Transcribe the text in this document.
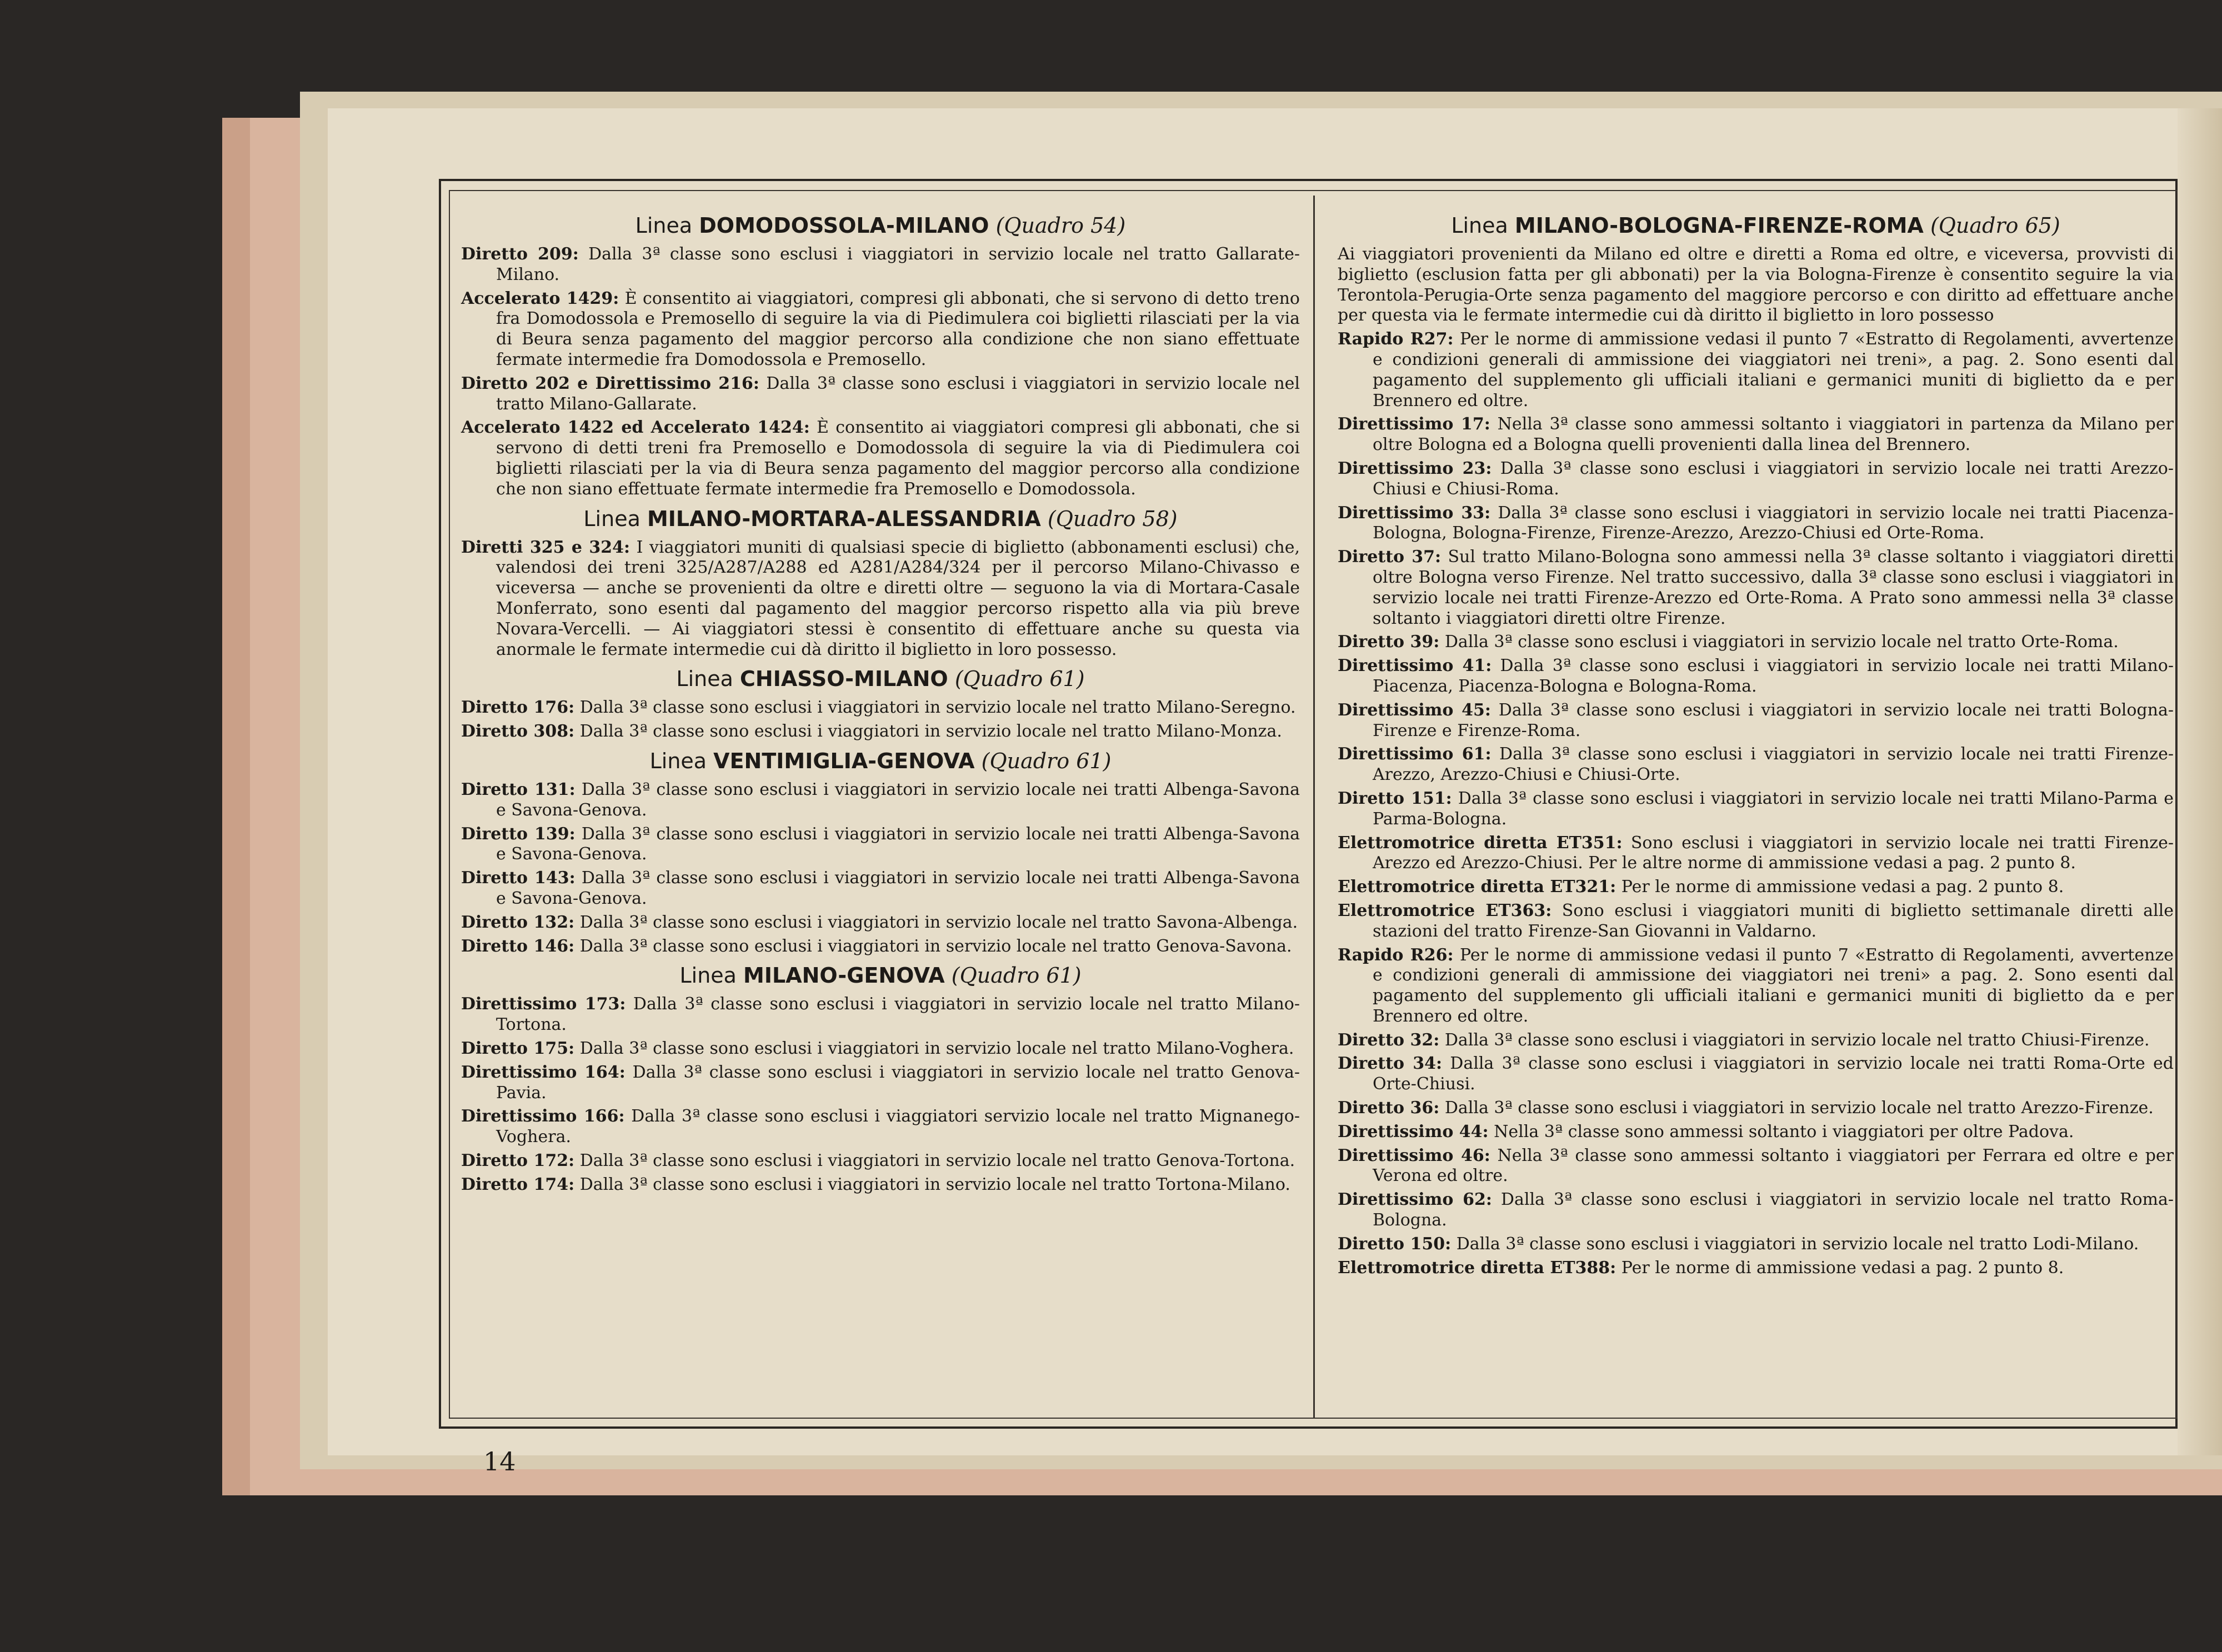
Linea DOMODOSSOLA-MILANO (Quadro 54)

Diretto 209: Dalla 3ª classe sono esclusi i viaggiatori in servizio locale nel tratto Gallarate-Milano.

Accelerato 1429: È consentito ai viaggiatori, compresi gli abbonati, che si servono di detto treno fra Domodossola e Premosello di seguire la via di Piedimulera coi biglietti rilasciati per la via di Beura senza pagamento del maggior percorso alla condizione che non siano effettuate fermate intermedie fra Domodossola e Premosello.

Diretto 202 e Direttissimo 216: Dalla 3ª classe sono esclusi i viaggiatori in servizio locale nel tratto Milano-Gallarate.

Accelerato 1422 ed Accelerato 1424: È consentito ai viaggiatori compresi gli abbonati, che si servono di detti treni fra Premosello e Domodossola di seguire la via di Piedimulera coi biglietti rilasciati per la via di Beura senza pagamento del maggior percorso alla condizione che non siano effettuate fermate intermedie fra Premosello e Domodossola.

Linea MILANO-MORTARA-ALESSANDRIA (Quadro 58)

Diretti 325 e 324: I viaggiatori muniti di qualsiasi specie di biglietto (abbonamenti esclusi) che, valendosi dei treni 325/A287/A288 ed A281/A284/324 per il percorso Milano-Chivasso e viceversa — anche se provenienti da oltre e diretti oltre — seguono la via di Mortara-Casale Monferrato, sono esenti dal pagamento del maggior percorso rispetto alla via più breve Novara-Vercelli. — Ai viaggiatori stessi è consentito di effettuare anche su questa via anormale le fermate intermedie cui dà diritto il biglietto in loro possesso.

Linea CHIASSO-MILANO (Quadro 61)

Diretto 176: Dalla 3ª classe sono esclusi i viaggiatori in servizio locale nel tratto Milano-Seregno.

Diretto 308: Dalla 3ª classe sono esclusi i viaggiatori in servizio locale nel tratto Milano-Monza.

Linea VENTIMIGLIA-GENOVA (Quadro 61)

Diretto 131: Dalla 3ª classe sono esclusi i viaggiatori in servizio locale nei tratti Albenga-Savona e Savona-Genova.

Diretto 139: Dalla 3ª classe sono esclusi i viaggiatori in servizio locale nei tratti Albenga-Savona e Savona-Genova.

Diretto 143: Dalla 3ª classe sono esclusi i viaggiatori in servizio locale nei tratti Albenga-Savona e Savona-Genova.

Diretto 132: Dalla 3ª classe sono esclusi i viaggiatori in servizio locale nel tratto Savona-Albenga.

Diretto 146: Dalla 3ª classe sono esclusi i viaggiatori in servizio locale nel tratto Genova-Savona.

Linea MILANO-GENOVA (Quadro 61)

Direttissimo 173: Dalla 3ª classe sono esclusi i viaggiatori in servizio locale nel tratto Milano-Tortona.

Diretto 175: Dalla 3ª classe sono esclusi i viaggiatori in servizio locale nel tratto Milano-Voghera.

Direttissimo 164: Dalla 3ª classe sono esclusi i viaggiatori in servizio locale nel tratto Genova-Pavia.

Direttissimo 166: Dalla 3ª classe sono esclusi i viaggiatori servizio locale nel tratto Mignanego-Voghera.

Diretto 172: Dalla 3ª classe sono esclusi i viaggiatori in servizio locale nel tratto Genova-Tortona.

Diretto 174: Dalla 3ª classe sono esclusi i viaggiatori in servizio locale nel tratto Tortona-Milano.

Linea MILANO-BOLOGNA-FIRENZE-ROMA (Quadro 65)

Ai viaggiatori provenienti da Milano ed oltre e diretti a Roma ed oltre, e viceversa, provvisti di biglietto (esclusion fatta per gli abbonati) per la via Bologna-Firenze è consentito seguire la via Terontola-Perugia-Orte senza pagamento del maggiore percorso e con diritto ad effettuare anche per questa via le fermate intermedie cui dà diritto il biglietto in loro possesso

Rapido R27: Per le norme di ammissione vedasi il punto 7 «Estratto di Regolamenti, avvertenze e condizioni generali di ammissione dei viaggiatori nei treni», a pag. 2. Sono esenti dal pagamento del supplemento gli ufficiali italiani e germanici muniti di biglietto da e per Brennero ed oltre.

Direttissimo 17: Nella 3ª classe sono ammessi soltanto i viaggiatori in partenza da Milano per oltre Bologna ed a Bologna quelli provenienti dalla linea del Brennero.

Direttissimo 23: Dalla 3ª classe sono esclusi i viaggiatori in servizio locale nei tratti Arezzo-Chiusi e Chiusi-Roma.

Direttissimo 33: Dalla 3ª classe sono esclusi i viaggiatori in servizio locale nei tratti Piacenza-Bologna, Bologna-Firenze, Firenze-Arezzo, Arezzo-Chiusi ed Orte-Roma.

Diretto 37: Sul tratto Milano-Bologna sono ammessi nella 3ª classe soltanto i viaggiatori diretti oltre Bologna verso Firenze. Nel tratto successivo, dalla 3ª classe sono esclusi i viaggiatori in servizio locale nei tratti Firenze-Arezzo ed Orte-Roma. A Prato sono ammessi nella 3ª classe soltanto i viaggiatori diretti oltre Firenze.

Diretto 39: Dalla 3ª classe sono esclusi i viaggiatori in servizio locale nel tratto Orte-Roma.

Direttissimo 41: Dalla 3ª classe sono esclusi i viaggiatori in servizio locale nei tratti Milano-Piacenza, Piacenza-Bologna e Bologna-Roma.

Direttissimo 45: Dalla 3ª classe sono esclusi i viaggiatori in servizio locale nei tratti Bologna-Firenze e Firenze-Roma.

Direttissimo 61: Dalla 3ª classe sono esclusi i viaggiatori in servizio locale nei tratti Firenze-Arezzo, Arezzo-Chiusi e Chiusi-Orte.

Diretto 151: Dalla 3ª classe sono esclusi i viaggiatori in servizio locale nei tratti Milano-Parma e Parma-Bologna.

Elettromotrice diretta ET351: Sono esclusi i viaggiatori in servizio locale nei tratti Firenze-Arezzo ed Arezzo-Chiusi. Per le altre norme di ammissione vedasi a pag. 2 punto 8.

Elettromotrice diretta ET321: Per le norme di ammissione vedasi a pag. 2 punto 8.

Elettromotrice ET363: Sono esclusi i viaggiatori muniti di biglietto settimanale diretti alle stazioni del tratto Firenze-San Giovanni in Valdarno.

Rapido R26: Per le norme di ammissione vedasi il punto 7 «Estratto di Regolamenti, avvertenze e condizioni generali di ammissione dei viaggiatori nei treni» a pag. 2. Sono esenti dal pagamento del supplemento gli ufficiali italiani e germanici muniti di biglietto da e per Brennero ed oltre.

Diretto 32: Dalla 3ª classe sono esclusi i viaggiatori in servizio locale nel tratto Chiusi-Firenze.

Diretto 34: Dalla 3ª classe sono esclusi i viaggiatori in servizio locale nei tratti Roma-Orte ed Orte-Chiusi.

Diretto 36: Dalla 3ª classe sono esclusi i viaggiatori in servizio locale nel tratto Arezzo-Firenze.

Direttissimo 44: Nella 3ª classe sono ammessi soltanto i viaggiatori per oltre Padova.

Direttissimo 46: Nella 3ª classe sono ammessi soltanto i viaggiatori per Ferrara ed oltre e per Verona ed oltre.

Direttissimo 62: Dalla 3ª classe sono esclusi i viaggiatori in servizio locale nel tratto Roma-Bologna.

Diretto 150: Dalla 3ª classe sono esclusi i viaggiatori in servizio locale nel tratto Lodi-Milano.

Elettromotrice diretta ET388: Per le norme di ammissione vedasi a pag. 2 punto 8.

14
